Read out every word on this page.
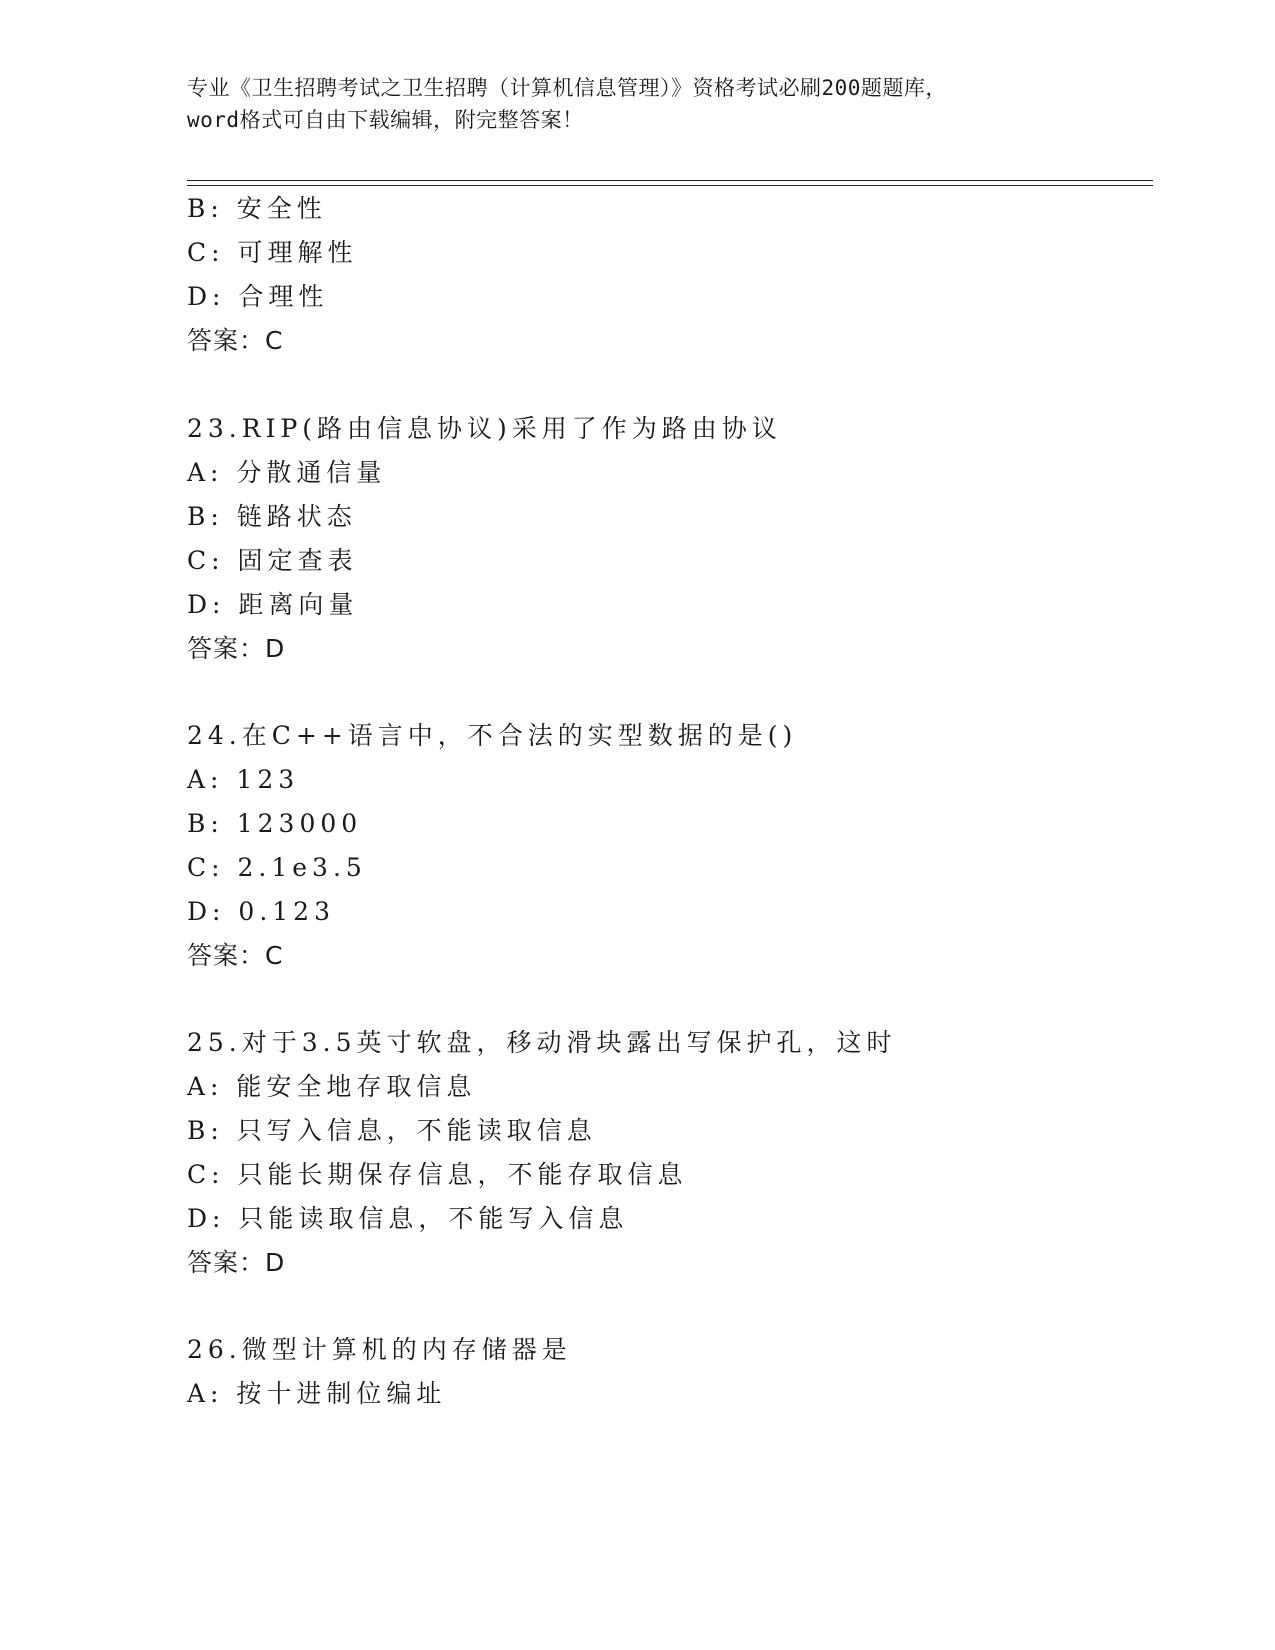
专业《卫生招聘考试之卫生招聘（计算机信息管理）》资格考试必刷200题题库，
word格式可自由下载编辑，附完整答案！
B: 安全性
C: 可理解性
D: 合理性
答案：C
23.RIP(路由信息协议)采用了作为路由协议
A: 分散通信量
B: 链路状态
C: 固定查表
D: 距离向量
答案：D
24.在C++语言中，不合法的实型数据的是()
A: 123
B: 123000
C: 2.1e3.5
D: 0.123
答案：C
25.对于3.5英寸软盘，移动滑块露出写保护孔，这时
A: 能安全地存取信息
B: 只写入信息，不能读取信息
C: 只能长期保存信息，不能存取信息
D: 只能读取信息，不能写入信息
答案：D
26.微型计算机的内存储器是
A: 按十进制位编址
